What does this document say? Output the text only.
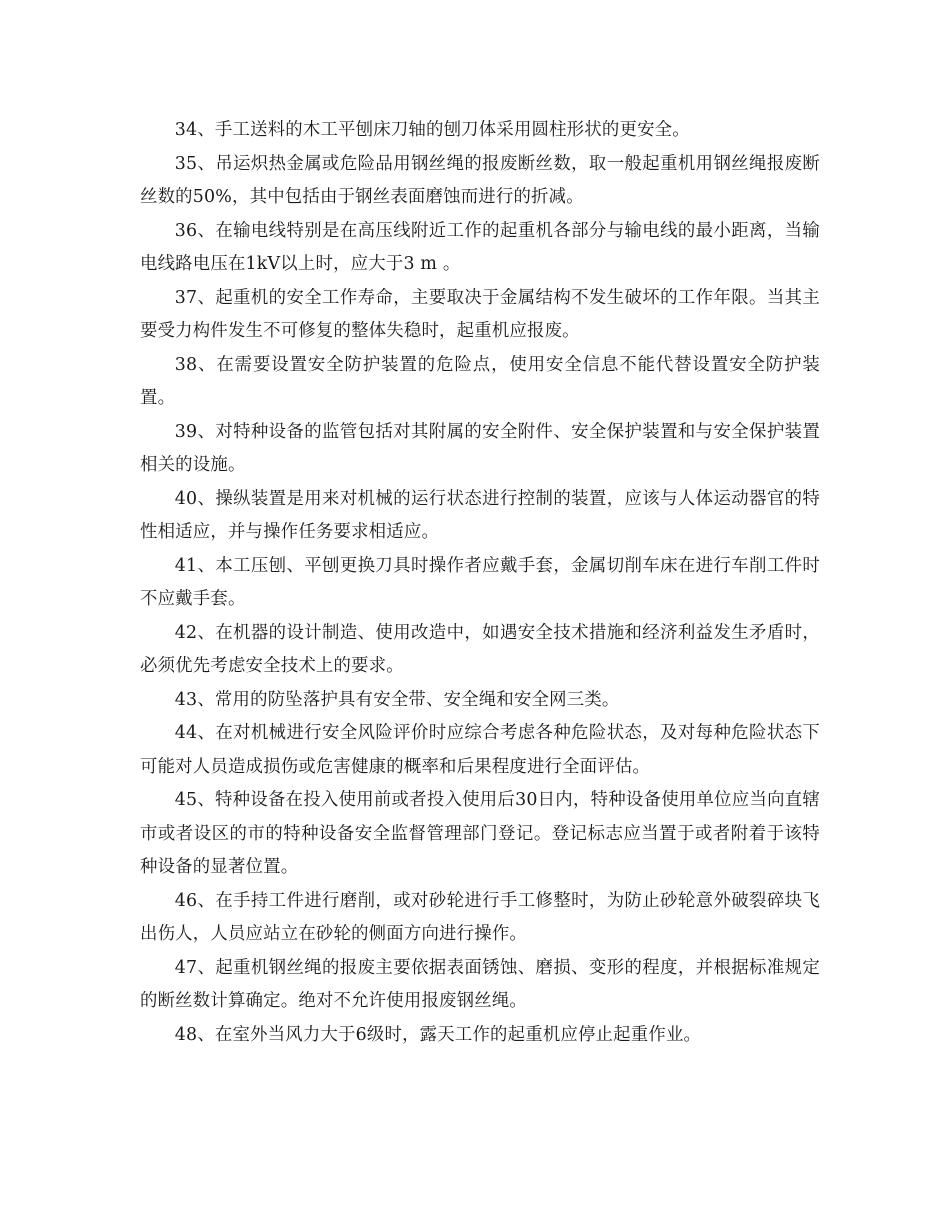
34、手工送料的木工平刨床刀轴的刨刀体采用圆柱形状的更安全。

35、吊运炽热金属或危险品用钢丝绳的报废断丝数，取一般起重机用钢丝绳报废断丝数的50%，其中包括由于钢丝表面磨蚀而进行的折减。

36、在输电线特别是在高压线附近工作的起重机各部分与输电线的最小距离，当输电线路电压在1kV以上时，应大于3 m 。

37、起重机的安全工作寿命，主要取决于金属结构不发生破坏的工作年限。当其主要受力构件发生不可修复的整体失稳时，起重机应报废。

38、在需要设置安全防护装置的危险点，使用安全信息不能代替设置安全防护装置。

39、对特种设备的监管包括对其附属的安全附件、安全保护装置和与安全保护装置相关的设施。

40、操纵装置是用来对机械的运行状态进行控制的装置，应该与人体运动器官的特性相适应，并与操作任务要求相适应。

41、本工压刨、平刨更换刀具时操作者应戴手套，金属切削车床在进行车削工件时不应戴手套。

42、在机器的设计制造、使用改造中，如遇安全技术措施和经济利益发生矛盾时，必须优先考虑安全技术上的要求。

43、常用的防坠落护具有安全带、安全绳和安全网三类。

44、在对机械进行安全风险评价时应综合考虑各种危险状态，及对每种危险状态下可能对人员造成损伤或危害健康的概率和后果程度进行全面评估。

45、特种设备在投入使用前或者投入使用后30日内，特种设备使用单位应当向直辖市或者设区的市的特种设备安全监督管理部门登记。登记标志应当置于或者附着于该特种设备的显著位置。

46、在手持工件进行磨削，或对砂轮进行手工修整时，为防止砂轮意外破裂碎块飞出伤人，人员应站立在砂轮的侧面方向进行操作。

47、起重机钢丝绳的报废主要依据表面锈蚀、磨损、变形的程度，并根据标准规定的断丝数计算确定。绝对不允许使用报废钢丝绳。

48、在室外当风力大于6级时，露天工作的起重机应停止起重作业。
